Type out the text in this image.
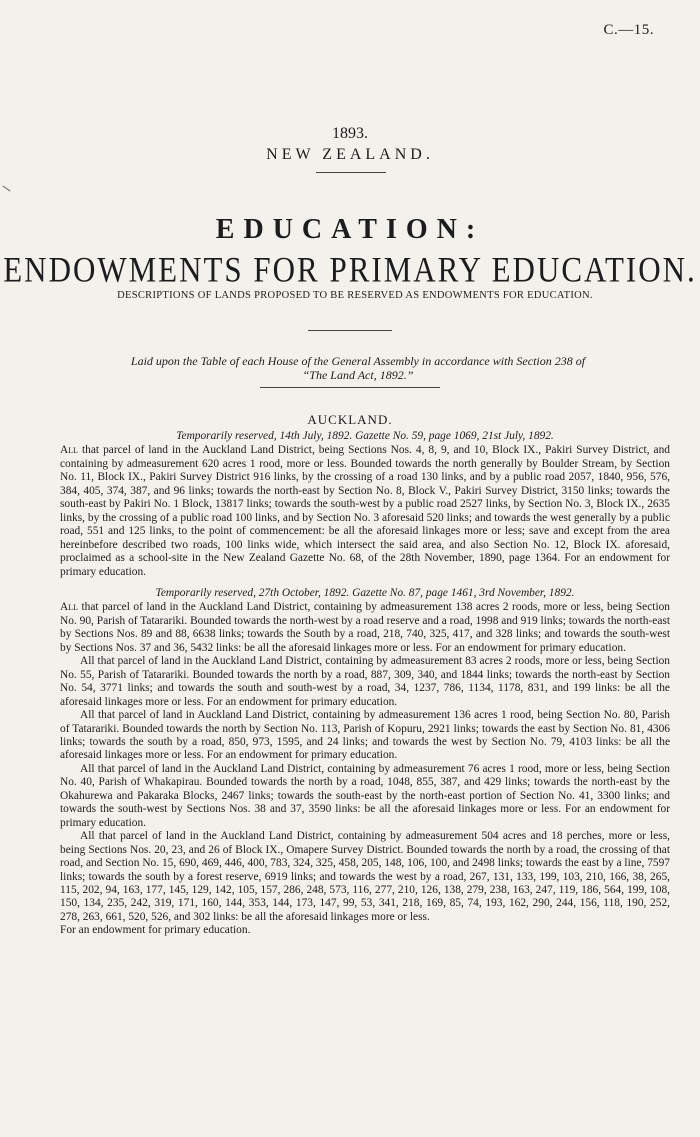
C.—15.
1893.
NEW ZEALAND.
EDUCATION:
ENDOWMENTS FOR PRIMARY EDUCATION.
DESCRIPTIONS OF LANDS PROPOSED TO BE RESERVED AS ENDOWMENTS FOR EDUCATION.
Laid upon the Table of each House of the General Assembly in accordance with Section 238 of
“The Land Act, 1892.”
AUCKLAND.

Temporarily reserved, 14th July, 1892. Gazette No. 59, page 1069, 21st July, 1892.

All that parcel of land in the Auckland Land District, being Sections Nos. 4, 8, 9, and 10, Block IX., Pakiri Survey District, and containing by admeasurement 620 acres 1 rood, more or less. Bounded towards the north generally by Boulder Stream, by Section No. 11, Block IX., Pakiri Survey District 916 links, by the crossing of a road 130 links, and by a public road 2057, 1840, 956, 576, 384, 405, 374, 387, and 96 links; towards the north-east by Section No. 8, Block V., Pakiri Survey District, 3150 links; towards the south-east by Pakiri No. 1 Block, 13817 links; towards the south-west by a public road 2527 links, by Section No. 3, Block IX., 2635 links, by the crossing of a public road 100 links, and by Section No. 3 aforesaid 520 links; and towards the west generally by a public road, 551 and 125 links, to the point of commencement: be all the aforesaid linkages more or less; save and except from the area hereinbefore described two roads, 100 links wide, which intersect the said area, and also Section No. 12, Block IX. aforesaid, proclaimed as a school-site in the New Zealand Gazette No. 68, of the 28th November, 1890, page 1364. For an endowment for primary education.

Temporarily reserved, 27th October, 1892. Gazette No. 87, page 1461, 3rd November, 1892.

All that parcel of land in the Auckland Land District, containing by admeasurement 138 acres 2 roods, more or less, being Section No. 90, Parish of Tatarariki. Bounded towards the north-west by a road reserve and a road, 1998 and 919 links; towards the north-east by Sections Nos. 89 and 88, 6638 links; towards the South by a road, 218, 740, 325, 417, and 328 links; and towards the south-west by Sections Nos. 37 and 36, 5432 links: be all the aforesaid linkages more or less. For an endowment for primary education.

All that parcel of land in the Auckland Land District, containing by admeasurement 83 acres 2 roods, more or less, being Section No. 55, Parish of Tatarariki. Bounded towards the north by a road, 887, 309, 340, and 1844 links; towards the north-east by Section No. 54, 3771 links; and towards the south and south-west by a road, 34, 1237, 786, 1134, 1178, 831, and 199 links: be all the aforesaid linkages more or less. For an endowment for primary education.

All that parcel of land in Auckland Land District, containing by admeasurement 136 acres 1 rood, being Section No. 80, Parish of Tatarariki. Bounded towards the north by Section No. 113, Parish of Kopuru, 2921 links; towards the east by Section No. 81, 4306 links; towards the south by a road, 850, 973, 1595, and 24 links; and towards the west by Section No. 79, 4103 links: be all the aforesaid linkages more or less. For an endowment for primary education.

All that parcel of land in the Auckland Land District, containing by admeasurement 76 acres 1 rood, more or less, being Section No. 40, Parish of Whakapirau. Bounded towards the north by a road, 1048, 855, 387, and 429 links; towards the north-east by the Okahurewa and Pakaraka Blocks, 2467 links; towards the south-east by the north-east portion of Section No. 41, 3300 links; and towards the south-west by Sections Nos. 38 and 37, 3590 links: be all the aforesaid linkages more or less. For an endowment for primary education.

All that parcel of land in the Auckland Land District, containing by admeasurement 504 acres and 18 perches, more or less, being Sections Nos. 20, 23, and 26 of Block IX., Omapere Survey District. Bounded towards the north by a road, the crossing of that road, and Section No. 15, 690, 469, 446, 400, 783, 324, 325, 458, 205, 148, 106, 100, and 2498 links; towards the east by a line, 7597 links; towards the south by a forest reserve, 6919 links; and towards the west by a road, 267, 131, 133, 199, 103, 210, 166, 38, 265, 115, 202, 94, 163, 177, 145, 129, 142, 105, 157, 286, 248, 573, 116, 277, 210, 126, 138, 279, 238, 163, 247, 119, 186, 564, 199, 108, 150, 134, 235, 242, 319, 171, 160, 144, 353, 144, 173, 147, 99, 53, 341, 218, 169, 85, 74, 193, 162, 290, 244, 156, 118, 190, 252, 278, 263, 661, 520, 526, and 302 links: be all the aforesaid linkages more or less.

For an endowment for primary education.
